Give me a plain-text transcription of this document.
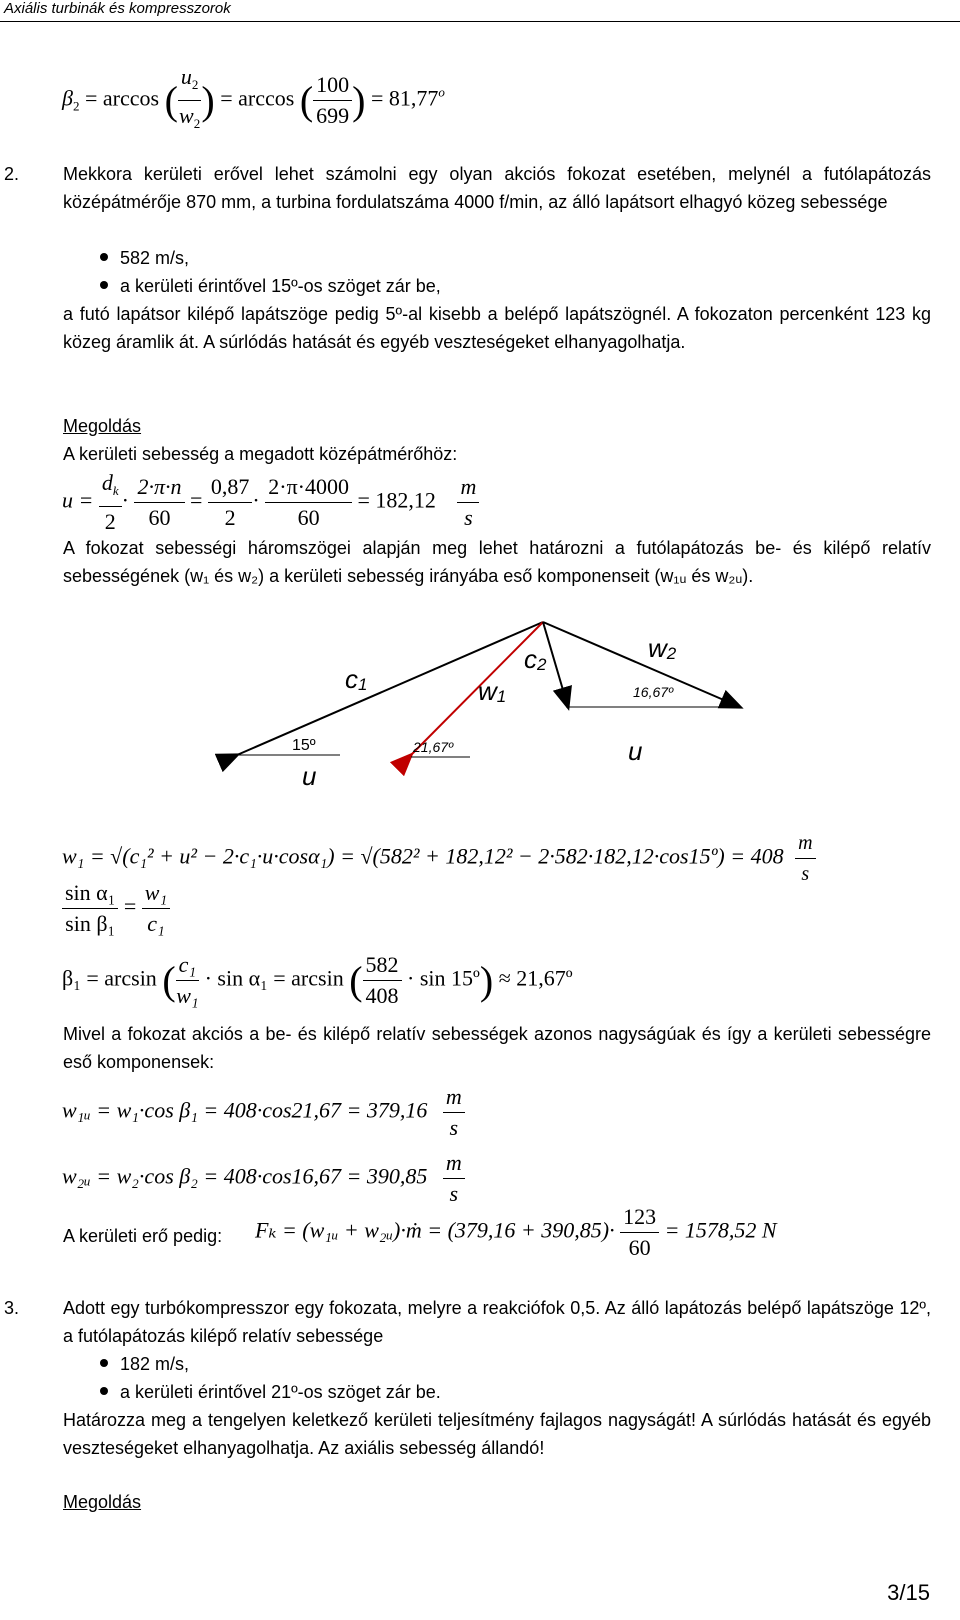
Axiális turbinák és kompresszorok
$\beta_2 = \arccos$ ( $\frac{u_2}{w_2}$ ) = arccos ( $\frac{100}{699}$ ) = $81,77^o$
2. Mekkora kerületi erővel lehet számolni egy olyan akciós fokozat esetében, melynél a futólapátozás középátmérője 870 mm, a turbina fordulatszáma 4000 f/min, az álló lapátsort elhagyó közeg sebessége
582 m/s,
a kerületi érintővel 15º-os szöget zár be,
a futó lapátsor kilépő lapátszöge pedig 5º-al kisebb a belépő lapátszögnél. A fokozaton percenként 123 kg közeg áramlik át. A súrlódás hatását és egyéb veszteségeket elhanyagolhatja.
Megoldás
A kerületi sebesség a megadott középátmérőhöz:
$u = \frac{d_k}{2} \cdot \frac{2\cdot\pi\cdot n}{60} = \frac{0,87}{2} \cdot \frac{2\cdot\pi\cdot 4000}{60} = 182,12 \frac{m}{s}$
A fokozat sebességi háromszögei alapján meg lehet határozni a futólapátozás be- és kilépő relatív sebességének (w₁ és w₂) a kerületi sebesség irányába eső komponenseit (w₁ᵤ és w₂ᵤ).
c1	w1
c2
w2
15º	21,67º
16,67º
u
u
w₁ = √(c₁² + u² − 2·c₁·u·cosα₁) = √(582² + 182,12² − 2·582·182,12·cos15º) = $408 \frac{m}{s}$
$\frac{\text{sin α₁}}{\text{sin β₁}} = \frac{\text{w₁}}{\text{c₁}}$
β₁ = arcsin ( $\frac{\text{c₁}}{\text{w₁}} \cdot \sin \alpha_1 = \arcsin$ ( $\frac{582}{408} \cdot \sin$ 15º) ≈ 21,67º
Mivel a fokozat akciós a be- és kilépő relatív sebességek azonos nagyságúak és így a kerületi sebességre eső komponensek:
w₁ᵤ = w₁·cos $\beta_1 = 408\cdot\cos 21,67 = 379,16 \frac{m}{s}$
w₂ᵤ = w₂·cos $\beta_2 = 408\cdot\cos 16,67 = 390,85 \frac{m}{s}$
A kerületi erő pedig: Fₖ = (w₁ᵤ + w₂ᵤ)·ṁ = $(379,16 + 390,85)\cdot \frac{123}{60} = 1578,52$ N
3. Adott egy turbókompresszor egy fokozata, melyre a reakciófok 0,5. Az álló lapátozás belépő lapátszöge 12º, a futólapátozás kilépő relatív sebessége
182 m/s,
a kerületi érintővel 21º-os szöget zár be.
Határozza meg a tengelyen keletkező kerületi teljesítmény fajlagos nagyságát! A súrlódás hatását és egyéb veszteségeket elhanyagolhatja. Az axiális sebesség állandó!
Megoldás
3/15
